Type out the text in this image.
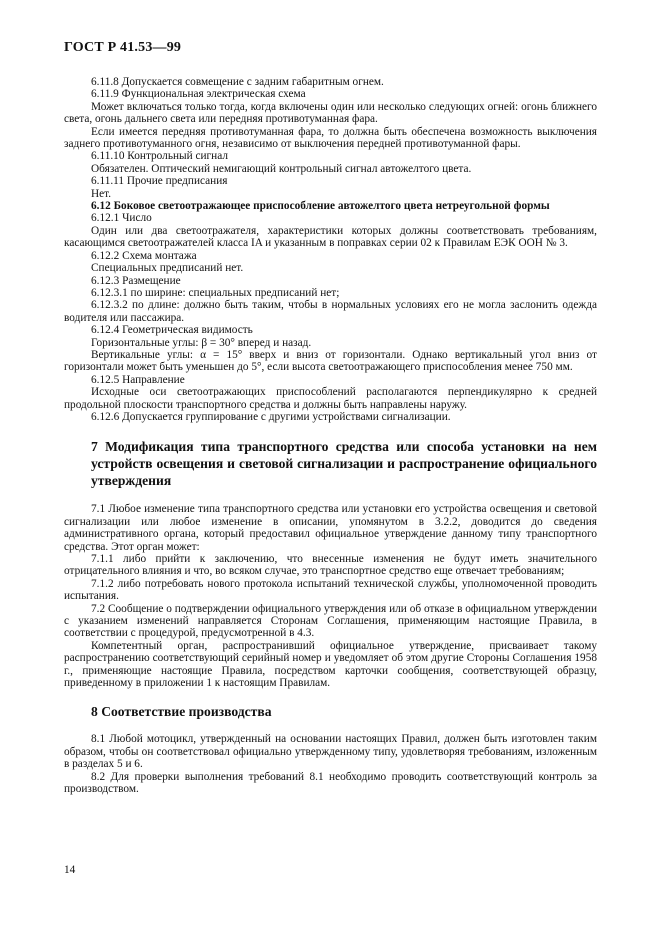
ГОСТ Р 41.53—99

6.11.8 Допускается совмещение с задним габаритным огнем.

6.11.9 Функциональная электрическая схема

Может включаться только тогда, когда включены один или несколько следующих огней: огонь ближнего света, огонь дальнего света или передняя противотуманная фара.

Если имеется передняя противотуманная фара, то должна быть обеспечена возможность выключения заднего противотуманного огня, независимо от выключения передней противотуманной фары.

6.11.10 Контрольный сигнал

Обязателен. Оптический немигающий контрольный сигнал автожелтого цвета.

6.11.11 Прочие предписания

Нет.

6.12 Боковое светоотражающее приспособление автожелтого цвета нетреугольной формы

6.12.1 Число

Один или два светоотражателя, характеристики которых должны соответствовать требованиям, касающимся светоотражателей класса IA и указанным в поправках серии 02 к Правилам ЕЭК ООН № 3.

6.12.2 Схема монтажа

Специальных предписаний нет.

6.12.3 Размещение

6.12.3.1 по ширине: специальных предписаний нет;

6.12.3.2 по длине: должно быть таким, чтобы в нормальных условиях его не могла заслонить одежда водителя или пассажира.

6.12.4 Геометрическая видимость

Горизонтальные углы: β = 30° вперед и назад.

Вертикальные углы: α = 15° вверх и вниз от горизонтали. Однако вертикальный угол вниз от горизонтали может быть уменьшен до 5°, если высота светоотражающего приспособления менее 750 мм.

6.12.5 Направление

Исходные оси светоотражающих приспособлений располагаются перпендикулярно к средней продольной плоскости транспортного средства и должны быть направлены наружу.

6.12.6 Допускается группирование с другими устройствами сигнализации.

7 Модификация типа транспортного средства или способа установки на нем устройств освещения и световой сигнализации и распространение официального утверждения

7.1 Любое изменение типа транспортного средства или установки его устройства освещения и световой сигнализации или любое изменение в описании, упомянутом в 3.2.2, доводится до сведения административного органа, который предоставил официальное утверждение данному типу транспортного средства. Этот орган может:

7.1.1 либо прийти к заключению, что внесенные изменения не будут иметь значительного отрицательного влияния и что, во всяком случае, это транспортное средство еще отвечает требованиям;

7.1.2 либо потребовать нового протокола испытаний технической службы, уполномоченной проводить испытания.

7.2 Сообщение о подтверждении официального утверждения или об отказе в официальном утверждении с указанием изменений направляется Сторонам Соглашения, применяющим настоящие Правила, в соответствии с процедурой, предусмотренной в 4.3.

Компетентный орган, распространивший официальное утверждение, присваивает такому распространению соответствующий серийный номер и уведомляет об этом другие Стороны Соглашения 1958 г., применяющие настоящие Правила, посредством карточки сообщения, соответствующей образцу, приведенному в приложении 1 к настоящим Правилам.

8 Соответствие производства

8.1 Любой мотоцикл, утвержденный на основании настоящих Правил, должен быть изготовлен таким образом, чтобы он соответствовал официально утвержденному типу, удовлетворяя требованиям, изложенным в разделах 5 и 6.

8.2 Для проверки выполнения требований 8.1 необходимо проводить соответствующий контроль за производством.

14
